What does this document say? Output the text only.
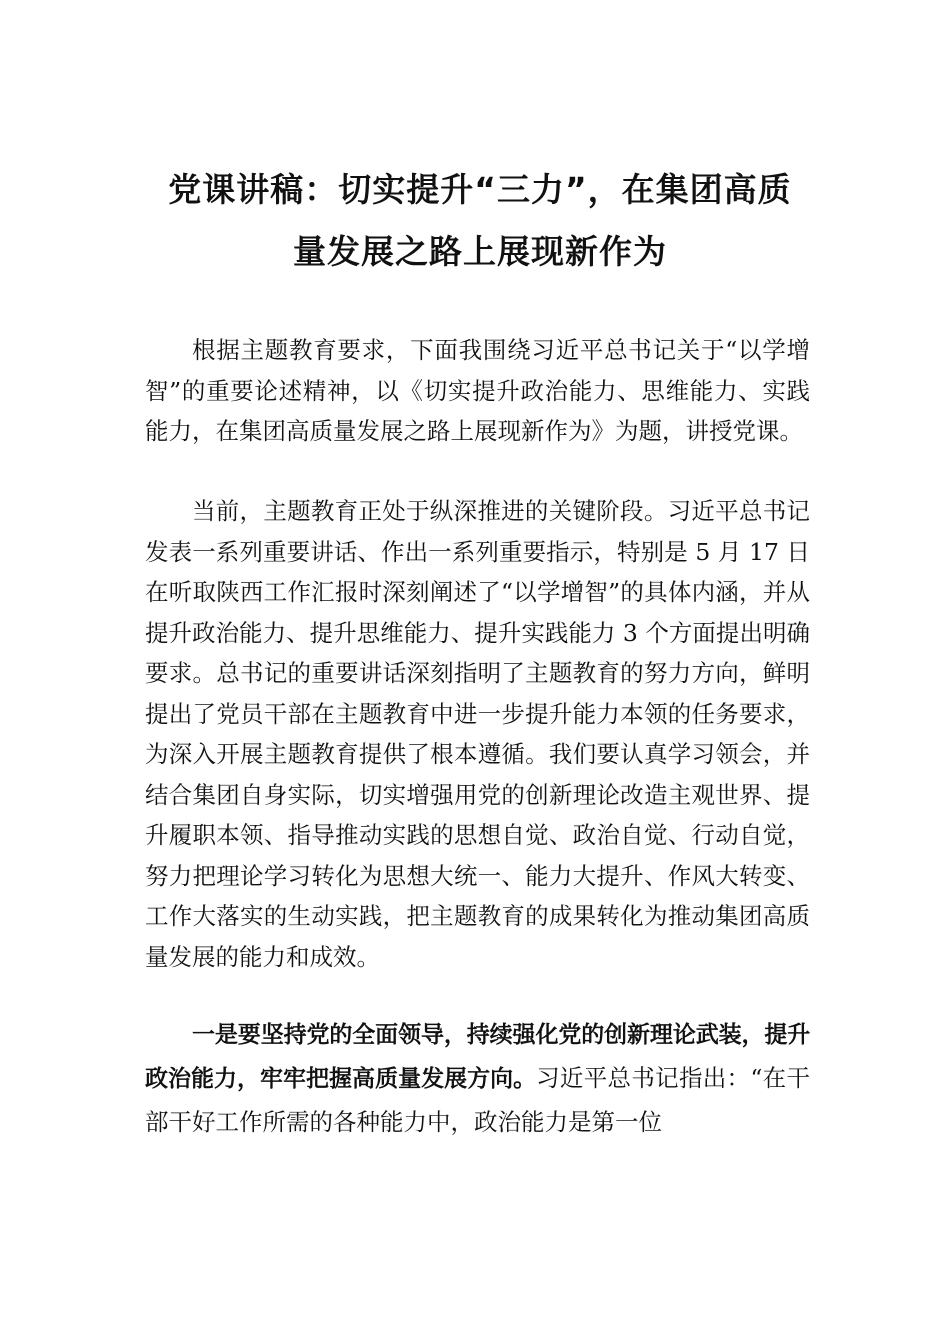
党课讲稿：切实提升“三力”，在集团高质
量发展之路上展现新作为

根据主题教育要求，下面我围绕习近平总书记关于“以学增智”的重要论述精神，以《切实提升政治能力、思维能力、实践能力，在集团高质量发展之路上展现新作为》为题，讲授党课。

当前，主题教育正处于纵深推进的关键阶段。习近平总书记发表一系列重要讲话、作出一系列重要指示，特别是 5 月 17 日在听取陕西工作汇报时深刻阐述了“以学增智”的具体内涵，并从提升政治能力、提升思维能力、提升实践能力 3 个方面提出明确要求。总书记的重要讲话深刻指明了主题教育的努力方向，鲜明提出了党员干部在主题教育中进一步提升能力本领的任务要求，为深入开展主题教育提供了根本遵循。我们要认真学习领会，并结合集团自身实际，切实增强用党的创新理论改造主观世界、提升履职本领、指导推动实践的思想自觉、政治自觉、行动自觉，努力把理论学习转化为思想大统一、能力大提升、作风大转变、工作大落实的生动实践，把主题教育的成果转化为推动集团高质量发展的能力和成效。

一是要坚持党的全面领导，持续强化党的创新理论武装，提升政治能力，牢牢把握高质量发展方向。习近平总书记指出：“在干部干好工作所需的各种能力中，政治能力是第一位
